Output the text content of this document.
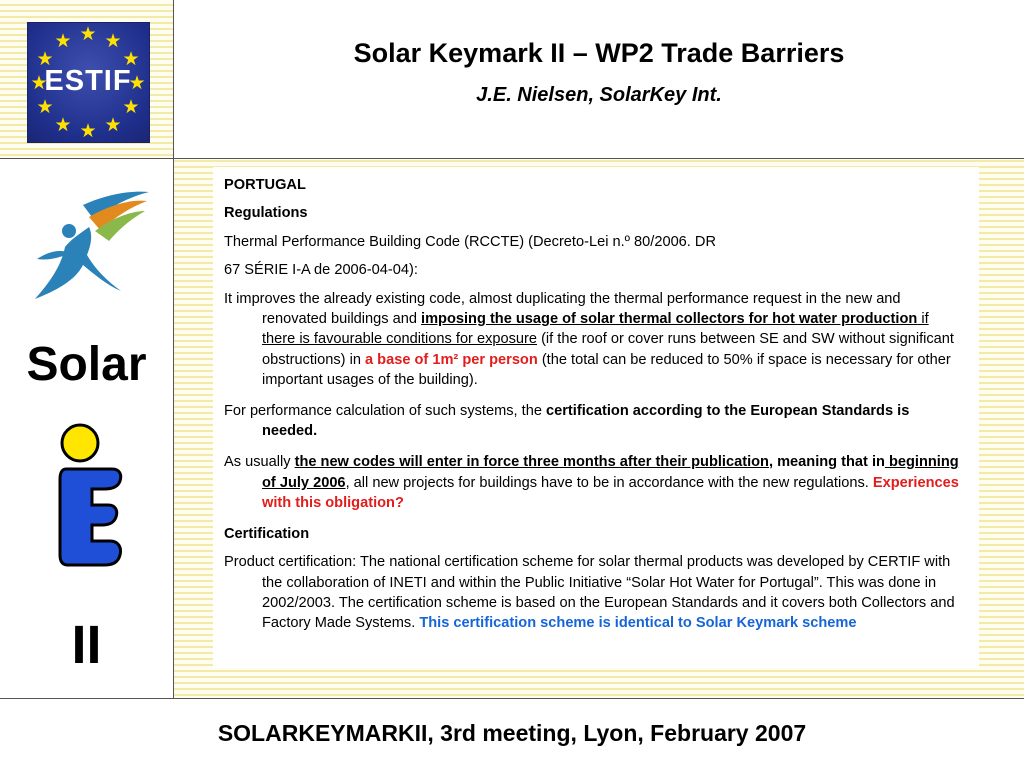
★ ★
★
★
★
★
★
★
★
★
★
★
ESTIF
Solar Keymark II – WP2 Trade Barriers
J.E. Nielsen, SolarKey Int.
Solar
II

PORTUGAL

Regulations

Thermal Performance Building Code (RCCTE) (Decreto-Lei n.º 80/2006. DR

67 SÉRIE I-A de 2006-04-04):

It improves the already existing code, almost duplicating the thermal performance request in the new and renovated buildings and imposing the usage of solar thermal collectors for hot water production if there is favourable conditions for exposure (if the roof or cover runs between SE and SW without significant obstructions) in a base of 1m² per person (the total can be reduced to 50% if space is necessary for other important usages of the building).

For performance calculation of such systems, the certification according to the European Standards is needed.

As usually the new codes will enter in force three months after their publication, meaning that in beginning of July 2006, all new projects for buildings have to be in accordance with the new regulations. Experiences with this obligation?

Certification

Product certification: The national certification scheme for solar thermal products was developed by CERTIF with the collaboration of INETI and within the Public Initiative “Solar Hot Water for Portugal”. This was done in 2002/2003. The certification scheme is based on the European Standards and it covers both Collectors and Factory Made Systems. This certification scheme is identical to Solar Keymark scheme

SOLARKEYMARKII, 3rd meeting, Lyon, February 2007
